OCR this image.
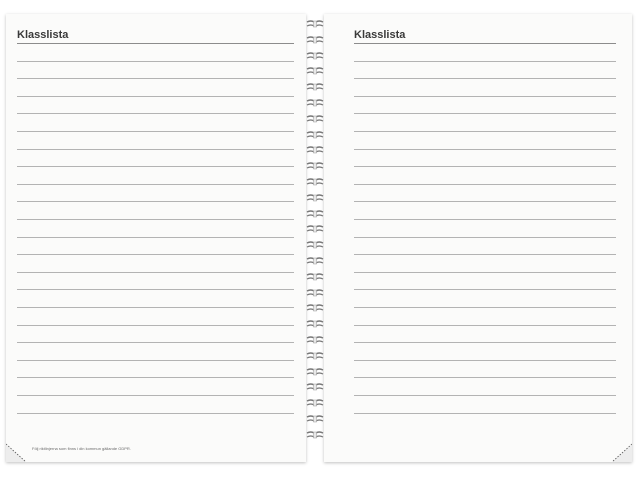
Klasslista
Följ riktlinjerna som finns i din kommun gällande GDPR.
Klasslista
